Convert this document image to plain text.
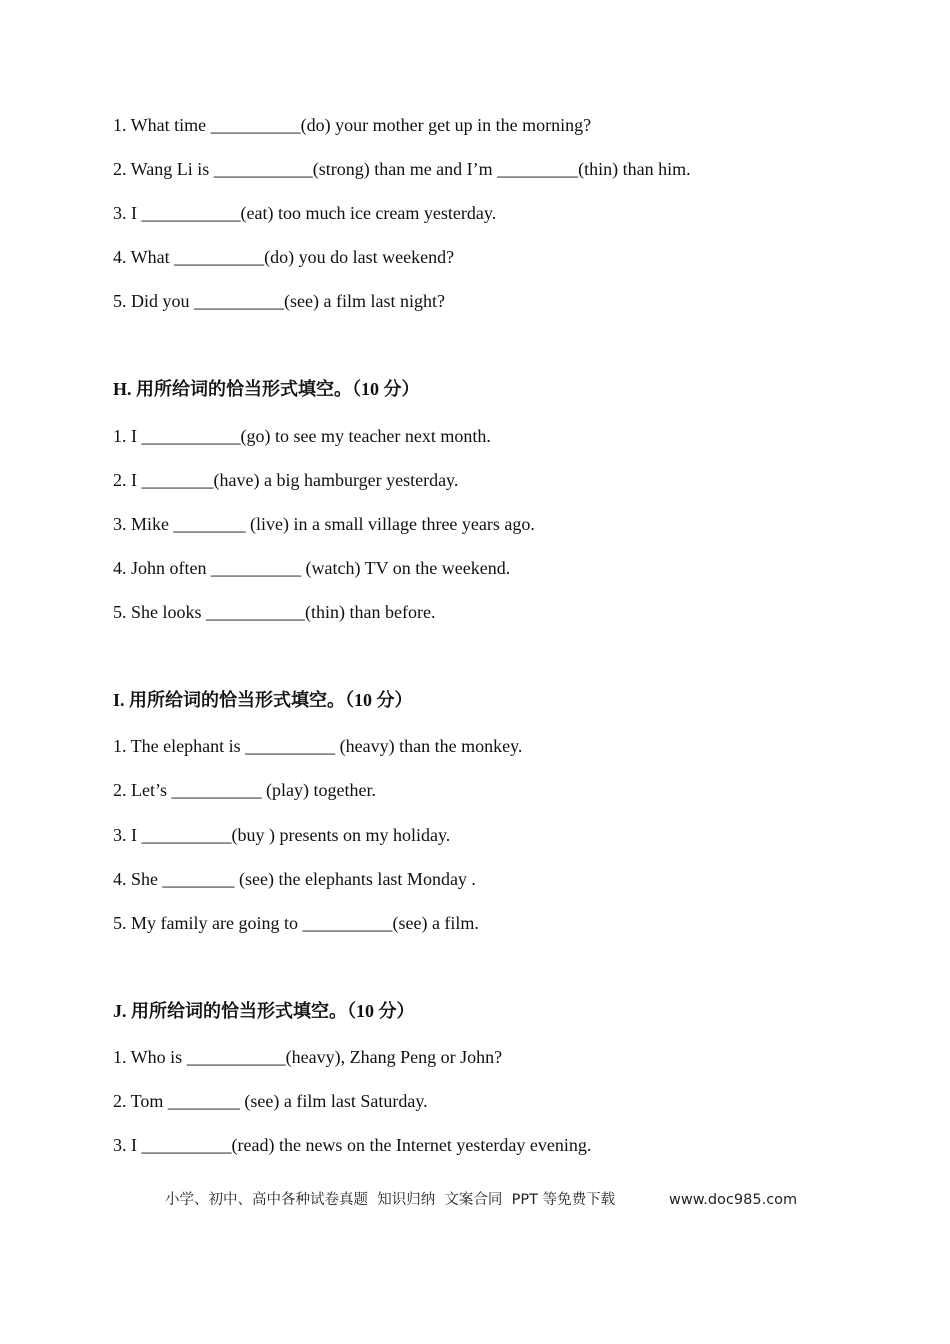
1. What time __________(do) your mother get up in the morning?
2. Wang Li is ___________(strong) than me and I’m _________(thin) than him.
3. I ___________(eat) too much ice cream yesterday.
4. What __________(do) you do last weekend?
5. Did you __________(see) a film last night?
H. 用所给词的恰当形式填空。（10 分）
1. I ___________(go) to see my teacher next month.
2. I ________(have) a big hamburger yesterday.
3. Mike ________ (live) in a small village three years ago.
4. John often __________ (watch) TV on the weekend.
5. She looks ___________(thin) than before.
I. 用所给词的恰当形式填空。（10 分）
1. The elephant is __________ (heavy) than the monkey.
2. Let’s __________ (play) together.
3. I __________(buy ) presents on my holiday.
4. She ________ (see) the elephants last Monday .
5. My family are going to __________(see) a film.
J. 用所给词的恰当形式填空。（10 分）
1. Who is ___________(heavy), Zhang Peng or John?
2. Tom ________ (see) a film last Saturday.
3. I __________(read) the news on the Internet yesterday evening.
小学、初中、高中各种试卷真题  知识归纳  文案合同  PPT 等免费下载	www.doc985.com
